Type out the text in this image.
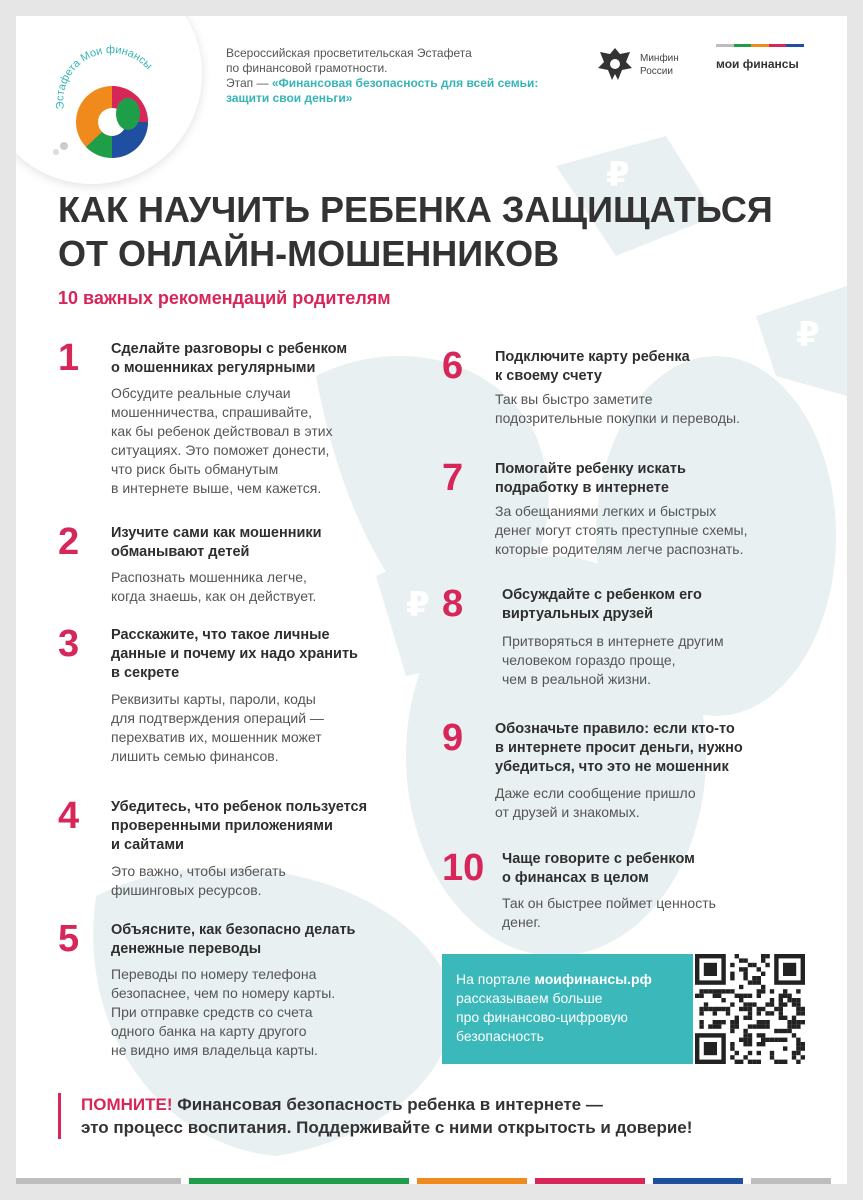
₽
₽
₽
Эстафета Мои финансы
Всероссийская просветительская Эстафета
по финансовой грамотности.
Этап — «Финансовая безопасность для всей семьи: защити свои деньги»
Минфин
России
мои финансы
КАК НАУЧИТЬ РЕБЕНКА ЗАЩИЩАТЬСЯ
ОТ ОНЛАЙН-МОШЕННИКОВ
10 важных рекомендаций родителям
1 Сделайте разговоры с ребенком
о мошенниках регулярными
Обсудите реальные случаи
мошенничества, спрашивайте,
как бы ребенок действовал в этих
ситуациях. Это поможет донести,
что риск быть обманутым
в интернете выше, чем кажется.
2 Изучите сами как мошенники
обманывают детей
Распознать мошенника легче,
когда знаешь, как он действует.
3 Расскажите, что такое личные
данные и почему их надо хранить
в секрете
Реквизиты карты, пароли, коды
для подтверждения операций —
перехватив их, мошенник может
лишить семью финансов.
4 Убедитесь, что ребенок пользуется
проверенными приложениями
и сайтами
Это важно, чтобы избегать
фишинговых ресурсов.
5 Объясните, как безопасно делать
денежные переводы
Переводы по номеру телефона
безопаснее, чем по номеру карты.
При отправке средств со счета
одного банка на карту другого
не видно имя владельца карты.
6 Подключите карту ребенка
к своему счету
Так вы быстро заметите
подозрительные покупки и переводы.
7 Помогайте ребенку искать
подработку в интернете
За обещаниями легких и быстрых
денег могут стоять преступные схемы,
которые родителям легче распознать.
8	Обсуждайте с ребенком его
виртуальных друзей
Притворяться в интернете другим
человеком гораздо проще,
чем в реальной жизни.
9 Обозначьте правило: если кто-то
в интернете просит деньги, нужно
убедиться, что это не мошенник
Даже если сообщение пришло
от друзей и знакомых.
10 Чаще говорите с ребенком
о финансах в целом
Так он быстрее поймет ценность
денег.
На портале моифинансы.рф
рассказываем больше
про финансово-цифровую
безопасность
ПОМНИТЕ! Финансовая безопасность ребенка в интернете —
это процесс воспитания. Поддерживайте с ними открытость и доверие!
